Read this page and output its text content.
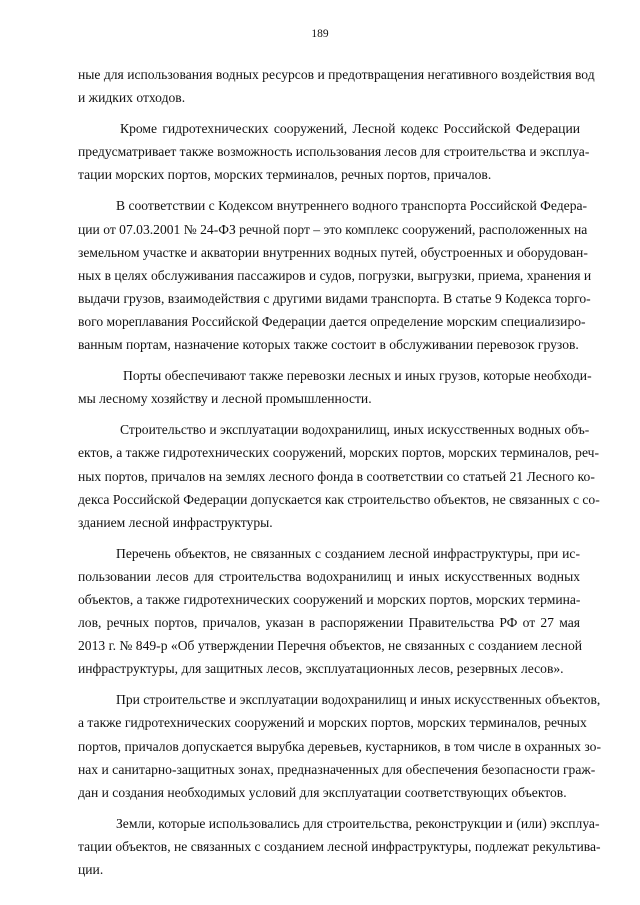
189
ные для использования водных ресурсов и предотвращения негативного воздействия вод
и жидких отходов.
Кроме гидротехнических сооружений, Лесной кодекс Российской Федерации
предусматривает также возможность использования лесов для строительства и эксплуа-
тации морских портов, морских терминалов, речных портов, причалов.
В соответствии с Кодексом внутреннего водного транспорта Российской Федера-
ции от 07.03.2001 № 24-ФЗ речной порт – это комплекс сооружений, расположенных на
земельном участке и акватории внутренних водных путей, обустроенных и оборудован-
ных в целях обслуживания пассажиров и судов, погрузки, выгрузки, приема, хранения и
выдачи грузов, взаимодействия с другими видами транспорта. В статье 9 Кодекса торго-
вого мореплавания Российской Федерации дается определение морским специализиро-
ванным портам, назначение которых также состоит в обслуживании перевозок грузов.
Порты обеспечивают также перевозки лесных и иных грузов, которые необходи-
мы лесному хозяйству и лесной промышленности.
Строительство и эксплуатации водохранилищ, иных искусственных водных объ-
ектов, а также гидротехнических сооружений, морских портов, морских терминалов, реч-
ных портов, причалов на землях лесного фонда в соответствии со статьей 21 Лесного ко-
декса Российской Федерации допускается как строительство объектов, не связанных с со-
зданием лесной инфраструктуры.
Перечень объектов, не связанных с созданием лесной инфраструктуры, при ис-
пользовании лесов для строительства водохранилищ и иных искусственных водных
объектов, а также гидротехнических сооружений и морских портов, морских термина-
лов, речных портов, причалов, указан в распоряжении Правительства РФ от 27 мая
2013 г. № 849-р «Об утверждении Перечня объектов, не связанных с созданием лесной
инфраструктуры, для защитных лесов, эксплуатационных лесов, резервных лесов».
При строительстве и эксплуатации водохранилищ и иных искусственных объектов,
а также гидротехнических сооружений и морских портов, морских терминалов, речных
портов, причалов допускается вырубка деревьев, кустарников, в том числе в охранных зо-
нах и санитарно-защитных зонах, предназначенных для обеспечения безопасности граж-
дан и создания необходимых условий для эксплуатации соответствующих объектов.
Земли, которые использовались для строительства, реконструкции и (или) эксплуа-
тации объектов, не связанных с созданием лесной инфраструктуры, подлежат рекультива-
ции.
